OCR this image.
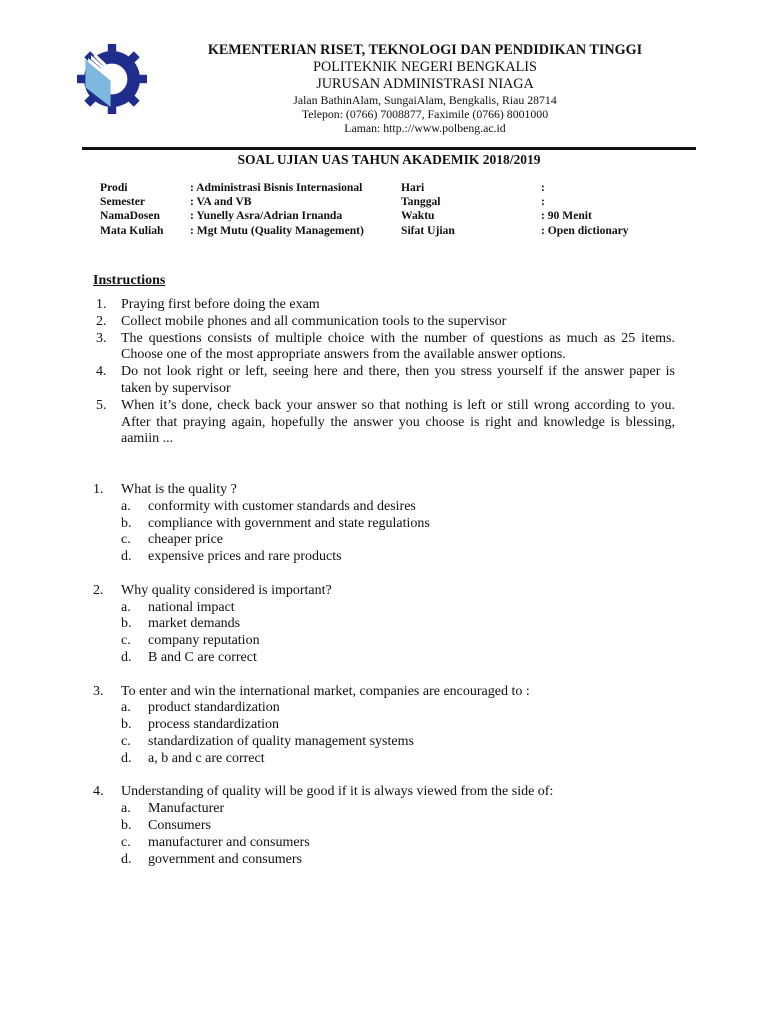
KEMENTERIAN RISET, TEKNOLOGI DAN PENDIDIKAN TINGGI
POLITEKNIK NEGERI BENGKALIS
JURUSAN ADMINISTRASI NIAGA
Jalan BathinAlam, SungaiAlam, Bengkalis, Riau 28714
Telepon: (0766) 7008877, Faximile (0766) 8001000
Laman: http.://www.polbeng.ac.id
SOAL UJIAN UAS TAHUN AKADEMIK 2018/2019
Prodi	: Administrasi Bisnis Internasional	Hari	:
Semester	: VA and VB	Tanggal	:
NamaDosen	: Yunelly Asra/Adrian Irnanda	Waktu	: 90 Menit
Mata Kuliah : Mgt Mutu (Quality Management)	Sifat Ujian	: Open dictionary
Instructions
1. Praying first before doing the exam
2. Collect mobile phones and all communication tools to the supervisor
3. The questions consists of multiple choice with the number of questions as much as 25 items. Choose one of the most appropriate answers from the available answer options.
4. Do not look right or left, seeing here and there, then you stress yourself if the answer paper is taken by supervisor
5. When it’s done, check back your answer so that nothing is left or still wrong according to you. After that praying again, hopefully the answer you choose is right and knowledge is blessing, aamiin ...
1. What is the quality ?
a. conformity with customer standards and desires
b. compliance with government and state regulations
c. cheaper price
d. expensive prices and rare products
2. Why quality considered is important?
a. national impact
b. market demands
c. company reputation
d. B and C are correct
3. To enter and win the international market, companies are encouraged to :
a. product standardization
b. process standardization
c. standardization of quality management systems
d. a, b and c are correct
4. Understanding of quality will be good if it is always viewed from the side of:
a. Manufacturer
b. Consumers
c. manufacturer and consumers
d. government and consumers
